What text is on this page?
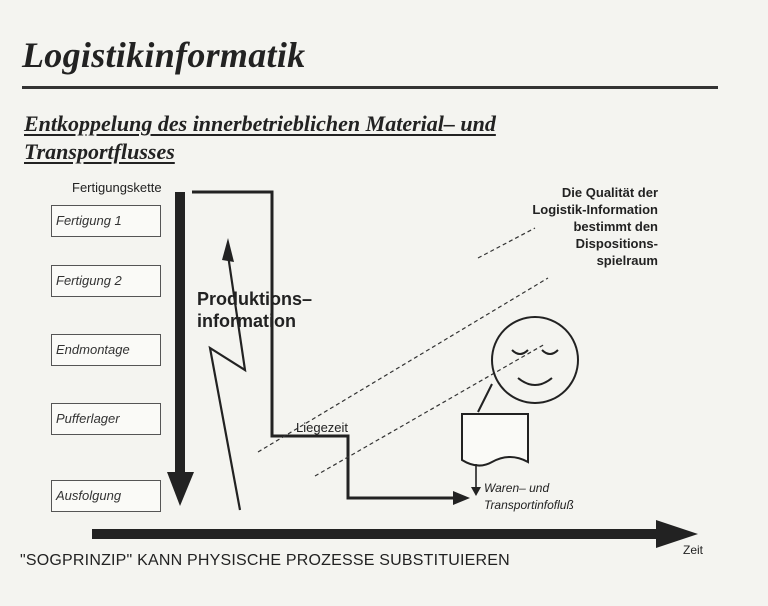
Logistikinformatik
Entkoppelung des innerbetrieblichen Material– und
Transportflusses
Fertigungskette
Fertigung 1
Fertigung 2
Endmontage
Pufferlager
Ausfolgung
Produktions–
information
Die Qualität der
Logistik-Information
bestimmt den
Dispositions-
spielraum
Liegezeit
Waren– und
Transportinfofluß
Zeit
"SOGPRINZIP" KANN PHYSISCHE PROZESSE SUBSTITUIEREN
